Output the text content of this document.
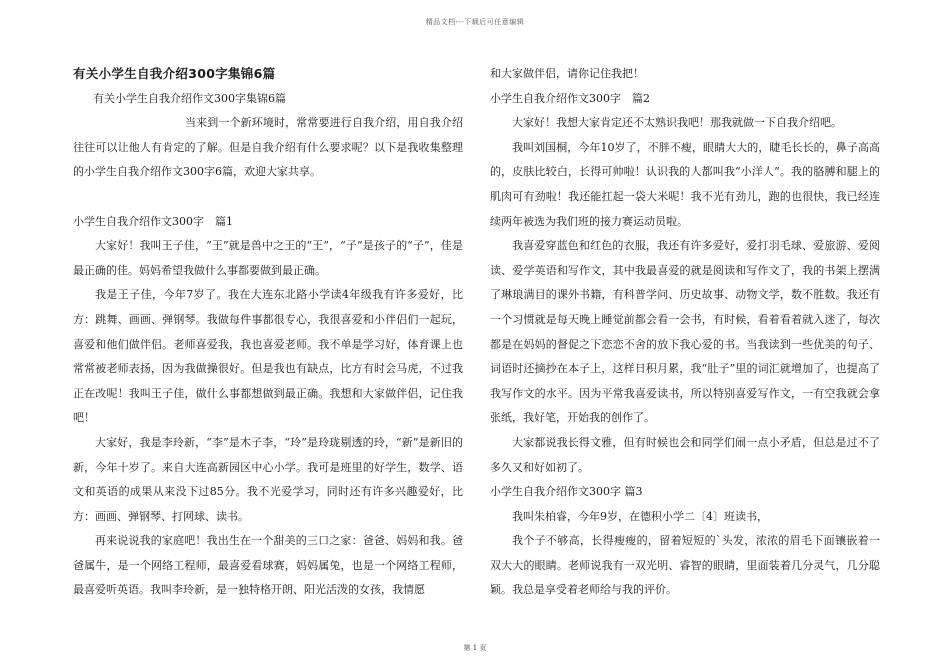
精品文档---下载后可任意编辑

有关小学生自我介绍300字集锦6篇

有关小学生自我介绍作文300字集锦6篇

当来到一个新环境时，常常要进行自我介绍，用自我介绍往往可以让他人有肯定的了解。但是自我介绍有什么要求呢？以下是我收集整理的小学生自我介绍作文300字6篇，欢迎大家共享。

小学生自我介绍作文300字　篇1

大家好！我叫王子佳，“王”就是兽中之王的“王”，“子”是孩子的“子”，佳是最正确的佳。妈妈希望我做什么事都要做到最正确。

我是王子佳，今年7岁了。我在大连东北路小学读4年级我有许多爱好，比方：跳舞、画画、弹钢琴。我做每件事都很专心，我很喜爱和小伴侣们一起玩，喜爱和他们做伴侣。老师喜爱我，我也喜爱老师。我不单是学习好，体育课上也常常被老师表扬，因为我做操很好。但是我也有缺点，比方有时会马虎，不过我正在改呢！我叫王子佳，做什么事都想做到最正确。我想和大家做伴侣，记住我吧！

大家好，我是李玲新，“李”是木子李，“玲”是玲珑剔透的玲，“新”是新旧的新，今年十岁了。来自大连高新园区中心小学。我可是班里的好学生，数学、语文和英语的成果从来没下过85分。我不光爱学习，同时还有许多兴趣爱好，比方：画画、弹钢琴、打网球、读书。

再来说说我的家庭吧！我出生在一个甜美的三口之家：爸爸、妈妈和我。爸爸属牛，是一个网络工程师，最喜爱看球赛，妈妈属兔，也是一个网络工程师，最喜爱听英语。我叫李玲新，是一独特格开朗、阳光活泼的女孩，我情愿

和大家做伴侣，请你记住我把！

小学生自我介绍作文300字　篇2

大家好！我想大家肯定还不太熟识我吧！那我就做一下自我介绍吧。

我叫刘国桐，今年10岁了，不胖不瘦，眼睛大大的，睫毛长长的，鼻子高高的，皮肤比较白，长得可帅啦！认识我的人都叫我“小洋人”。我的胳膊和腿上的肌肉可有劲啦！我还能扛起一袋大米呢！我不光有劲儿，跑的也很快，我已经连续两年被选为我们班的接力赛运动员啦。

我喜爱穿蓝色和红色的衣服，我还有许多爱好，爱打羽毛球、爱旅游、爱阅读、爱学英语和写作文，其中我最喜爱的就是阅读和写作文了，我的书架上摆满了琳琅满目的课外书籍，有科普学问、历史故事、动物文学，数不胜数。我还有一个习惯就是每天晚上睡觉前都会看一会书，有时候，看着看着就入迷了，每次都是在妈妈的督促之下恋恋不舍的放下我心爱的书。当我读到一些优美的句子、词语时还摘抄在本子上，这样日积月累，我“肚子”里的词汇就增加了，也提高了我写作文的水平。因为平常我喜爱读书，所以特别喜爱写作文，一有空我就会拿张纸，我好笔，开始我的创作了。

大家都说我长得文雅，但有时候也会和同学们闹一点小矛盾，但总是过不了多久又和好如初了。

小学生自我介绍作文300字 篇3

我叫朱柏睿，今年9岁，在德积小学二〔4〕班读书，

我个子不够高，长得瘦瘦的，留着短短的`头发，浓浓的眉毛下面镶嵌着一双大大的眼睛。老师说我有一双光明、睿智的眼睛，里面装着几分灵气，几分聪颖。我总是享受着老师给与我的评价。

第 1 页
